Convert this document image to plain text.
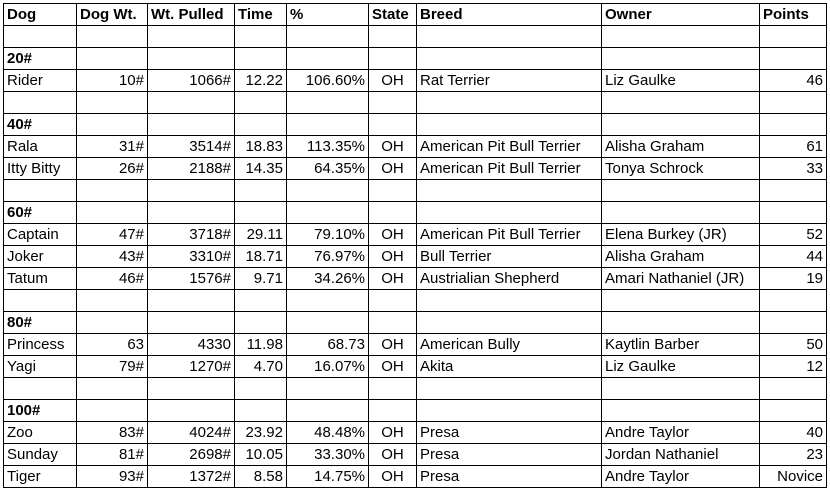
Dog	Dog Wt.	Wt. Pulled	Time	%	State	Breed	Owner	Points

20#								
Rider	10#	1066#	12.22	106.60%	OH	Rat Terrier	Liz Gaulke	46

40#								
Rala	31#	3514#	18.83	113.35%	OH	American Pit Bull Terrier	Alisha Graham	61
Itty Bitty	26#	2188#	14.35	64.35%	OH	American Pit Bull Terrier	Tonya Schrock	33

60#								
Captain	47#	3718#	29.11	79.10%	OH	American Pit Bull Terrier	Elena Burkey (JR)	52
Joker	43#	3310#	18.71	76.97%	OH	Bull Terrier	Alisha Graham	44
Tatum	46#	1576#	9.71	34.26%	OH	Austrialian Shepherd	Amari Nathaniel (JR)	19

80#								
Princess	63	4330	11.98	68.73	OH	American Bully	Kaytlin Barber	50
Yagi	79#	1270#	4.70	16.07%	OH	Akita	Liz Gaulke	12

100#								
Zoo	83#	4024#	23.92	48.48%	OH	Presa	Andre Taylor	40
Sunday	81#	2698#	10.05	33.30%	OH	Presa	Jordan Nathaniel	23
Tiger	93#	1372#	8.58	14.75%	OH	Presa	Andre Taylor	Novice
